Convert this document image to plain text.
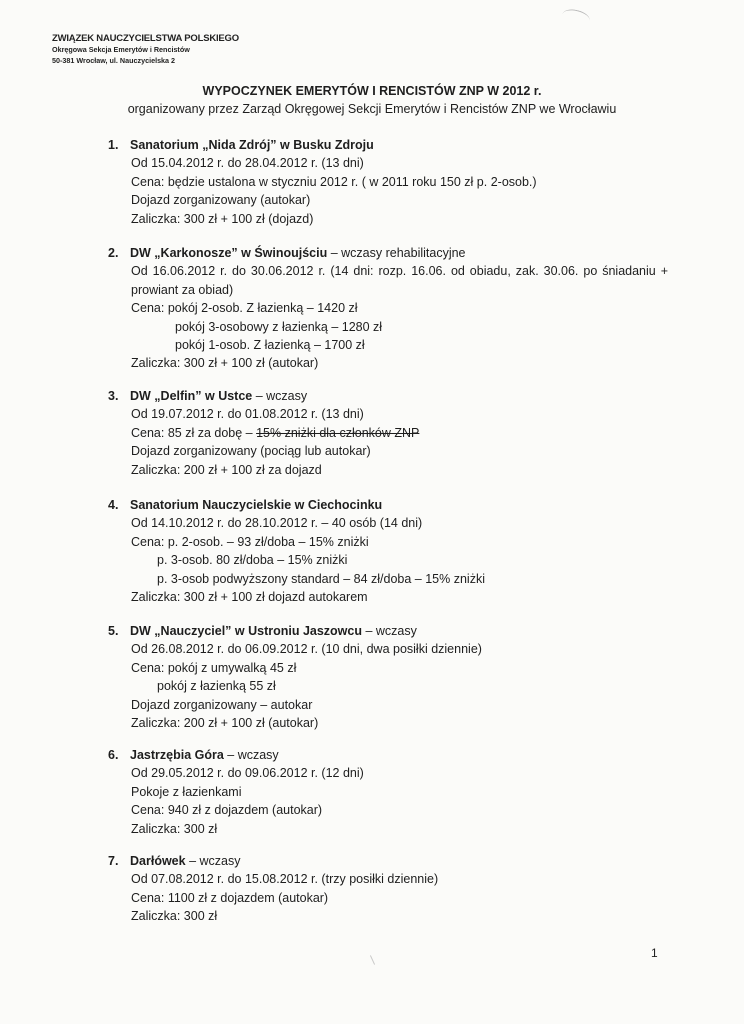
ZWIĄZEK NAUCZYCIELSTWA POLSKIEGO
Okręgowa Sekcja Emerytów i Rencistów
50-381 Wrocław, ul. Nauczycielska 2
WYPOCZYNEK EMERYTÓW I RENCISTÓW ZNP W 2012 r.
organizowany przez Zarząd Okręgowej Sekcji Emerytów i Rencistów ZNP we Wrocławiu
1. Sanatorium „Nida Zdrój” w Busku Zdroju
Od 15.04.2012 r. do 28.04.2012 r. (13 dni)
Cena: będzie ustalona w styczniu 2012 r. ( w 2011 roku 150 zł p. 2-osob.)
Dojazd zorganizowany (autokar)
Zaliczka: 300 zł + 100 zł (dojazd)
2. DW „Karkonosze” w Świnoujściu – wczasy rehabilitacyjne
Od 16.06.2012 r. do 30.06.2012 r. (14 dni: rozp. 16.06. od obiadu, zak. 30.06. po śniadaniu + prowiant za obiad)
Cena: pokój 2-osob. Z łazienką – 1420 zł
pokój 3-osobowy z łazienką – 1280 zł
pokój 1-osob. Z łazienką – 1700 zł
Zaliczka: 300 zł + 100 zł (autokar)
3. DW „Delfin” w Ustce – wczasy
Od 19.07.2012 r. do 01.08.2012 r. (13 dni)
Cena: 85 zł za dobę – 15% zniżki dla członków ZNP
Dojazd zorganizowany (pociąg lub autokar)
Zaliczka: 200 zł + 100 zł za dojazd
4. Sanatorium Nauczycielskie w Ciechocinku
Od 14.10.2012 r. do 28.10.2012 r. – 40 osób (14 dni)
Cena: p. 2-osob. – 93 zł/doba – 15% zniżki
p. 3-osob. 80 zł/doba – 15% zniżki
p. 3-osob podwyższony standard – 84 zł/doba – 15% zniżki
Zaliczka: 300 zł + 100 zł dojazd autokarem
5. DW „Nauczyciel” w Ustroniu Jaszowcu – wczasy
Od 26.08.2012 r. do 06.09.2012 r. (10 dni, dwa posiłki dziennie)
Cena: pokój z umywalką 45 zł
pokój z łazienką 55 zł
Dojazd zorganizowany – autokar
Zaliczka: 200 zł + 100 zł (autokar)
6. Jastrzębia Góra – wczasy
Od 29.05.2012 r. do 09.06.2012 r. (12 dni)
Pokoje z łazienkami
Cena: 940 zł z dojazdem (autokar)
Zaliczka: 300 zł
7. Darłówek – wczasy
Od 07.08.2012 r. do 15.08.2012 r. (trzy posiłki dziennie)
Cena: 1100 zł z dojazdem (autokar)
Zaliczka: 300 zł
1
